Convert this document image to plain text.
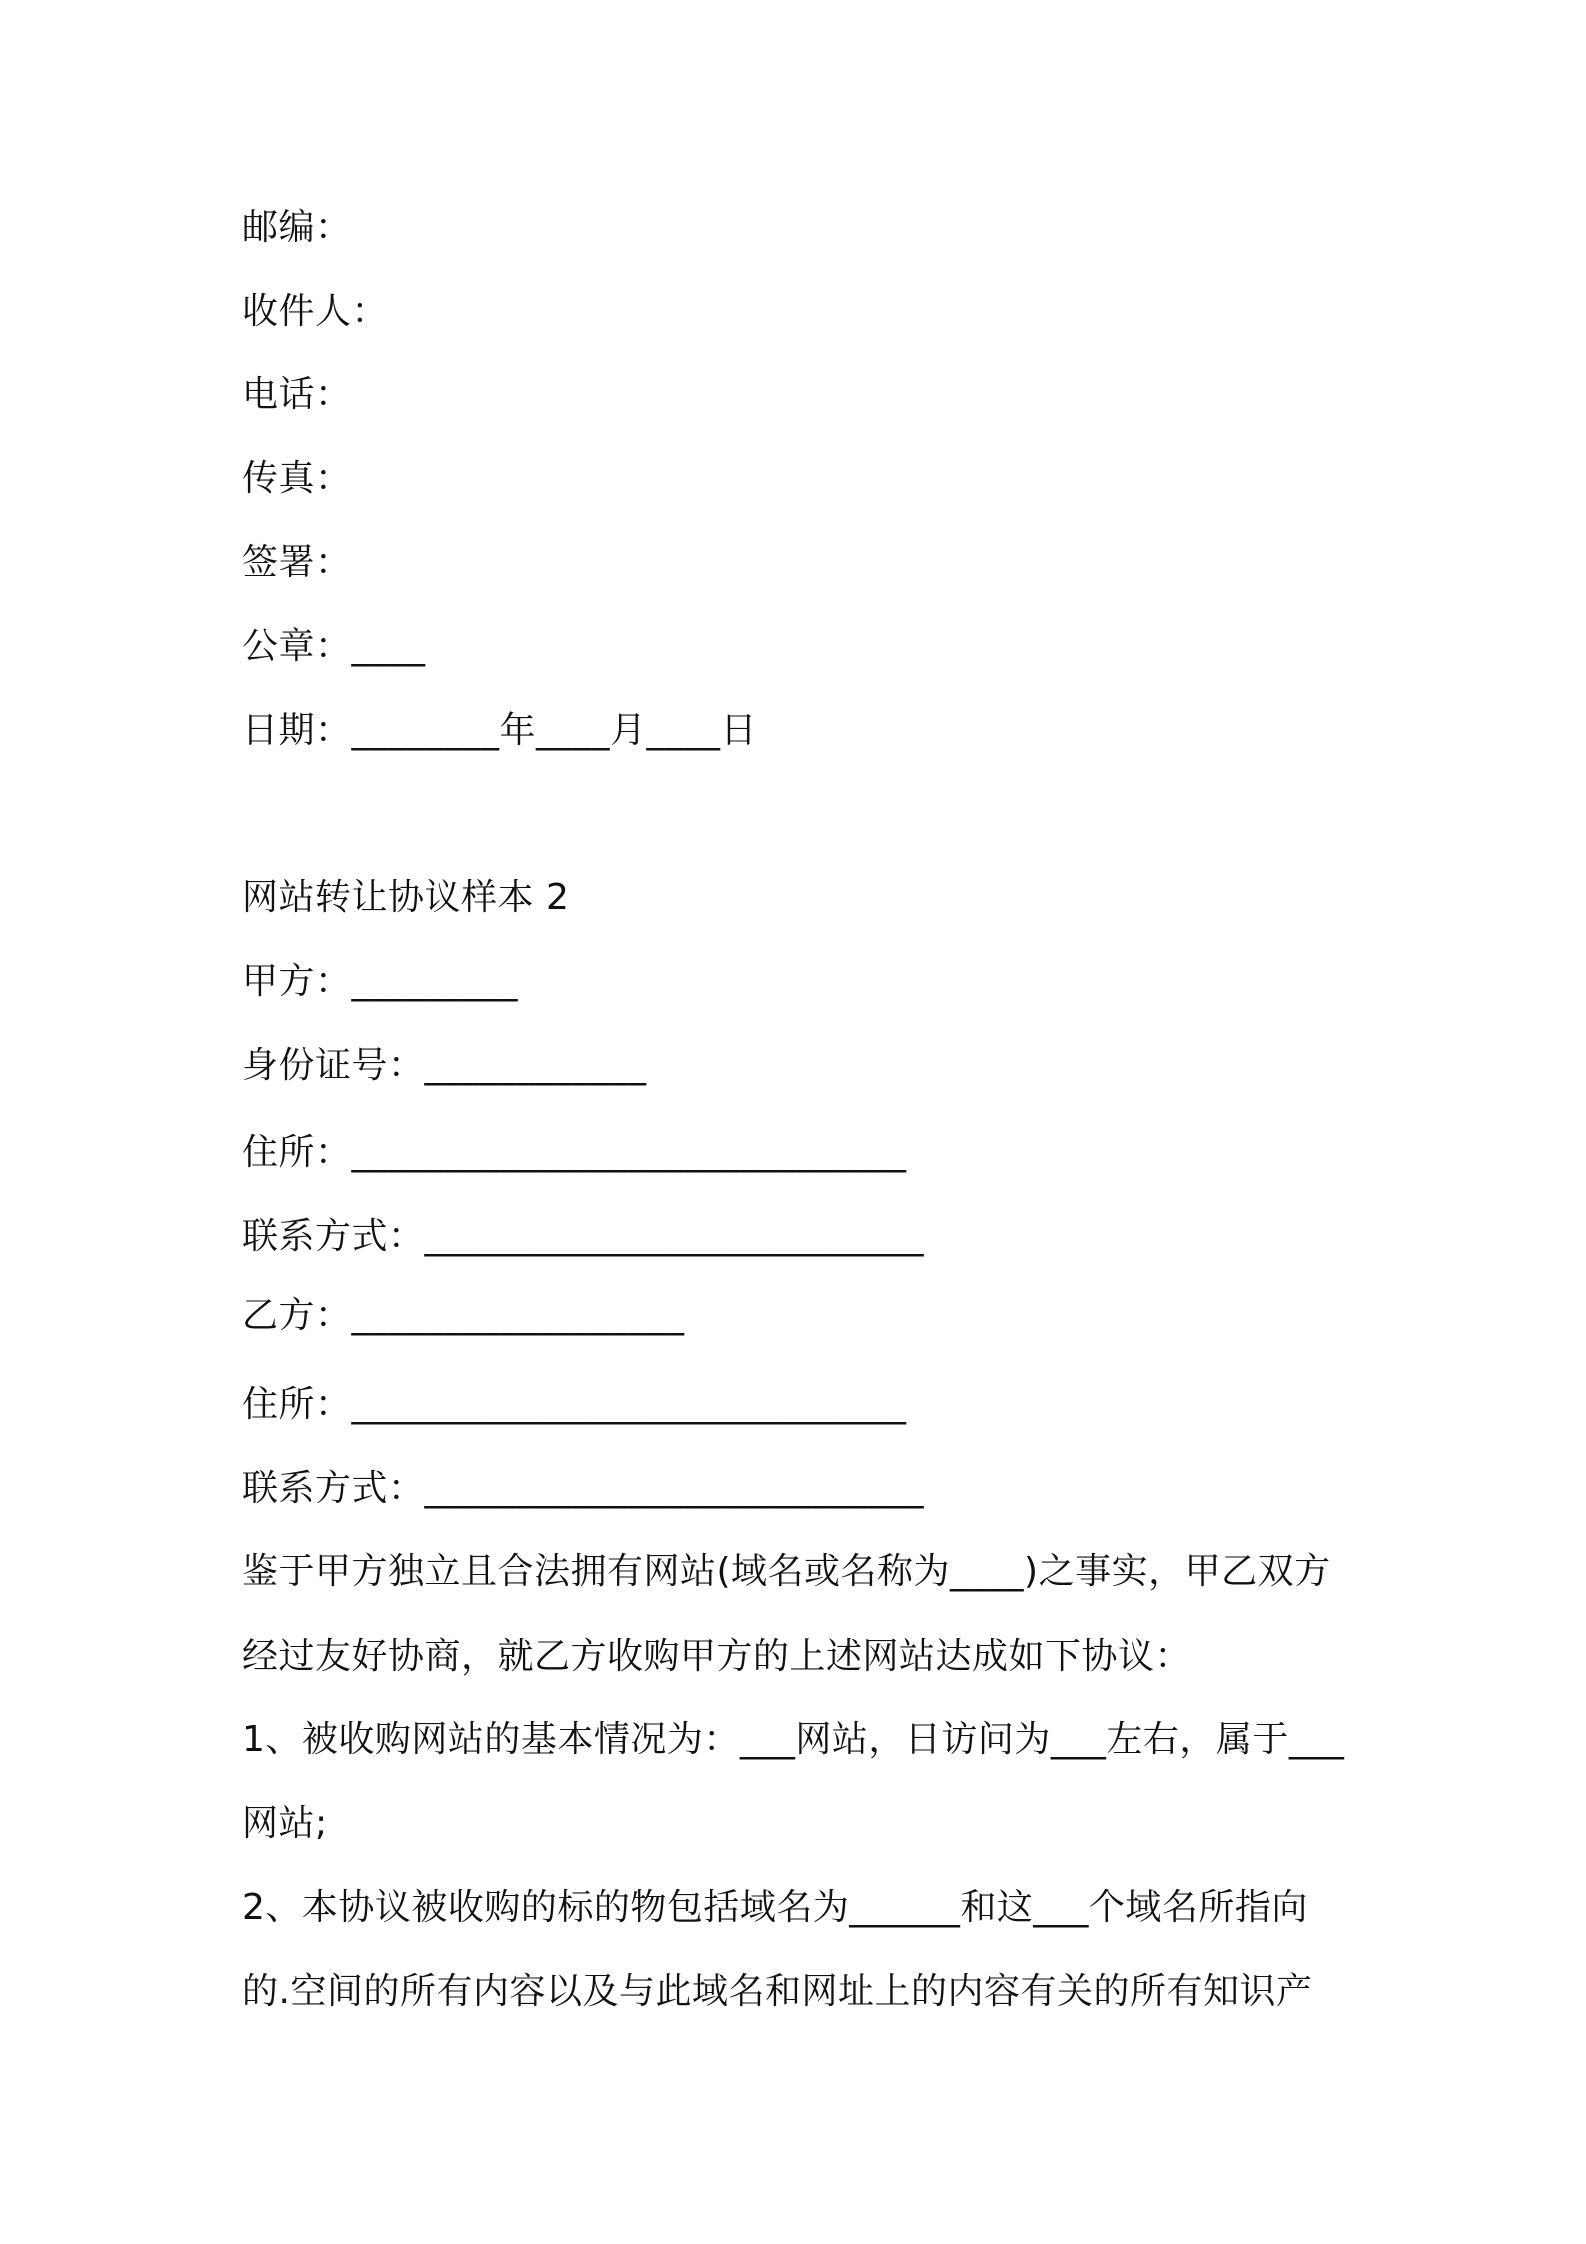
邮编：
收件人：
电话：
传真：
签署：
公章：____
日期：________年____月____日
网站转让协议样本 2
甲方：_________
身份证号：____________
住所：______________________________
联系方式：___________________________
乙方：__________________
住所：______________________________
联系方式：___________________________
鉴于甲方独立且合法拥有网站(域名或名称为____)之事实，甲乙双方
经过友好协商，就乙方收购甲方的上述网站达成如下协议：
1、被收购网站的基本情况为：___网站，日访问为___左右，属于___
网站;
2、本协议被收购的标的物包括域名为______和这___个域名所指向
的.空间的所有内容以及与此域名和网址上的内容有关的所有知识产
